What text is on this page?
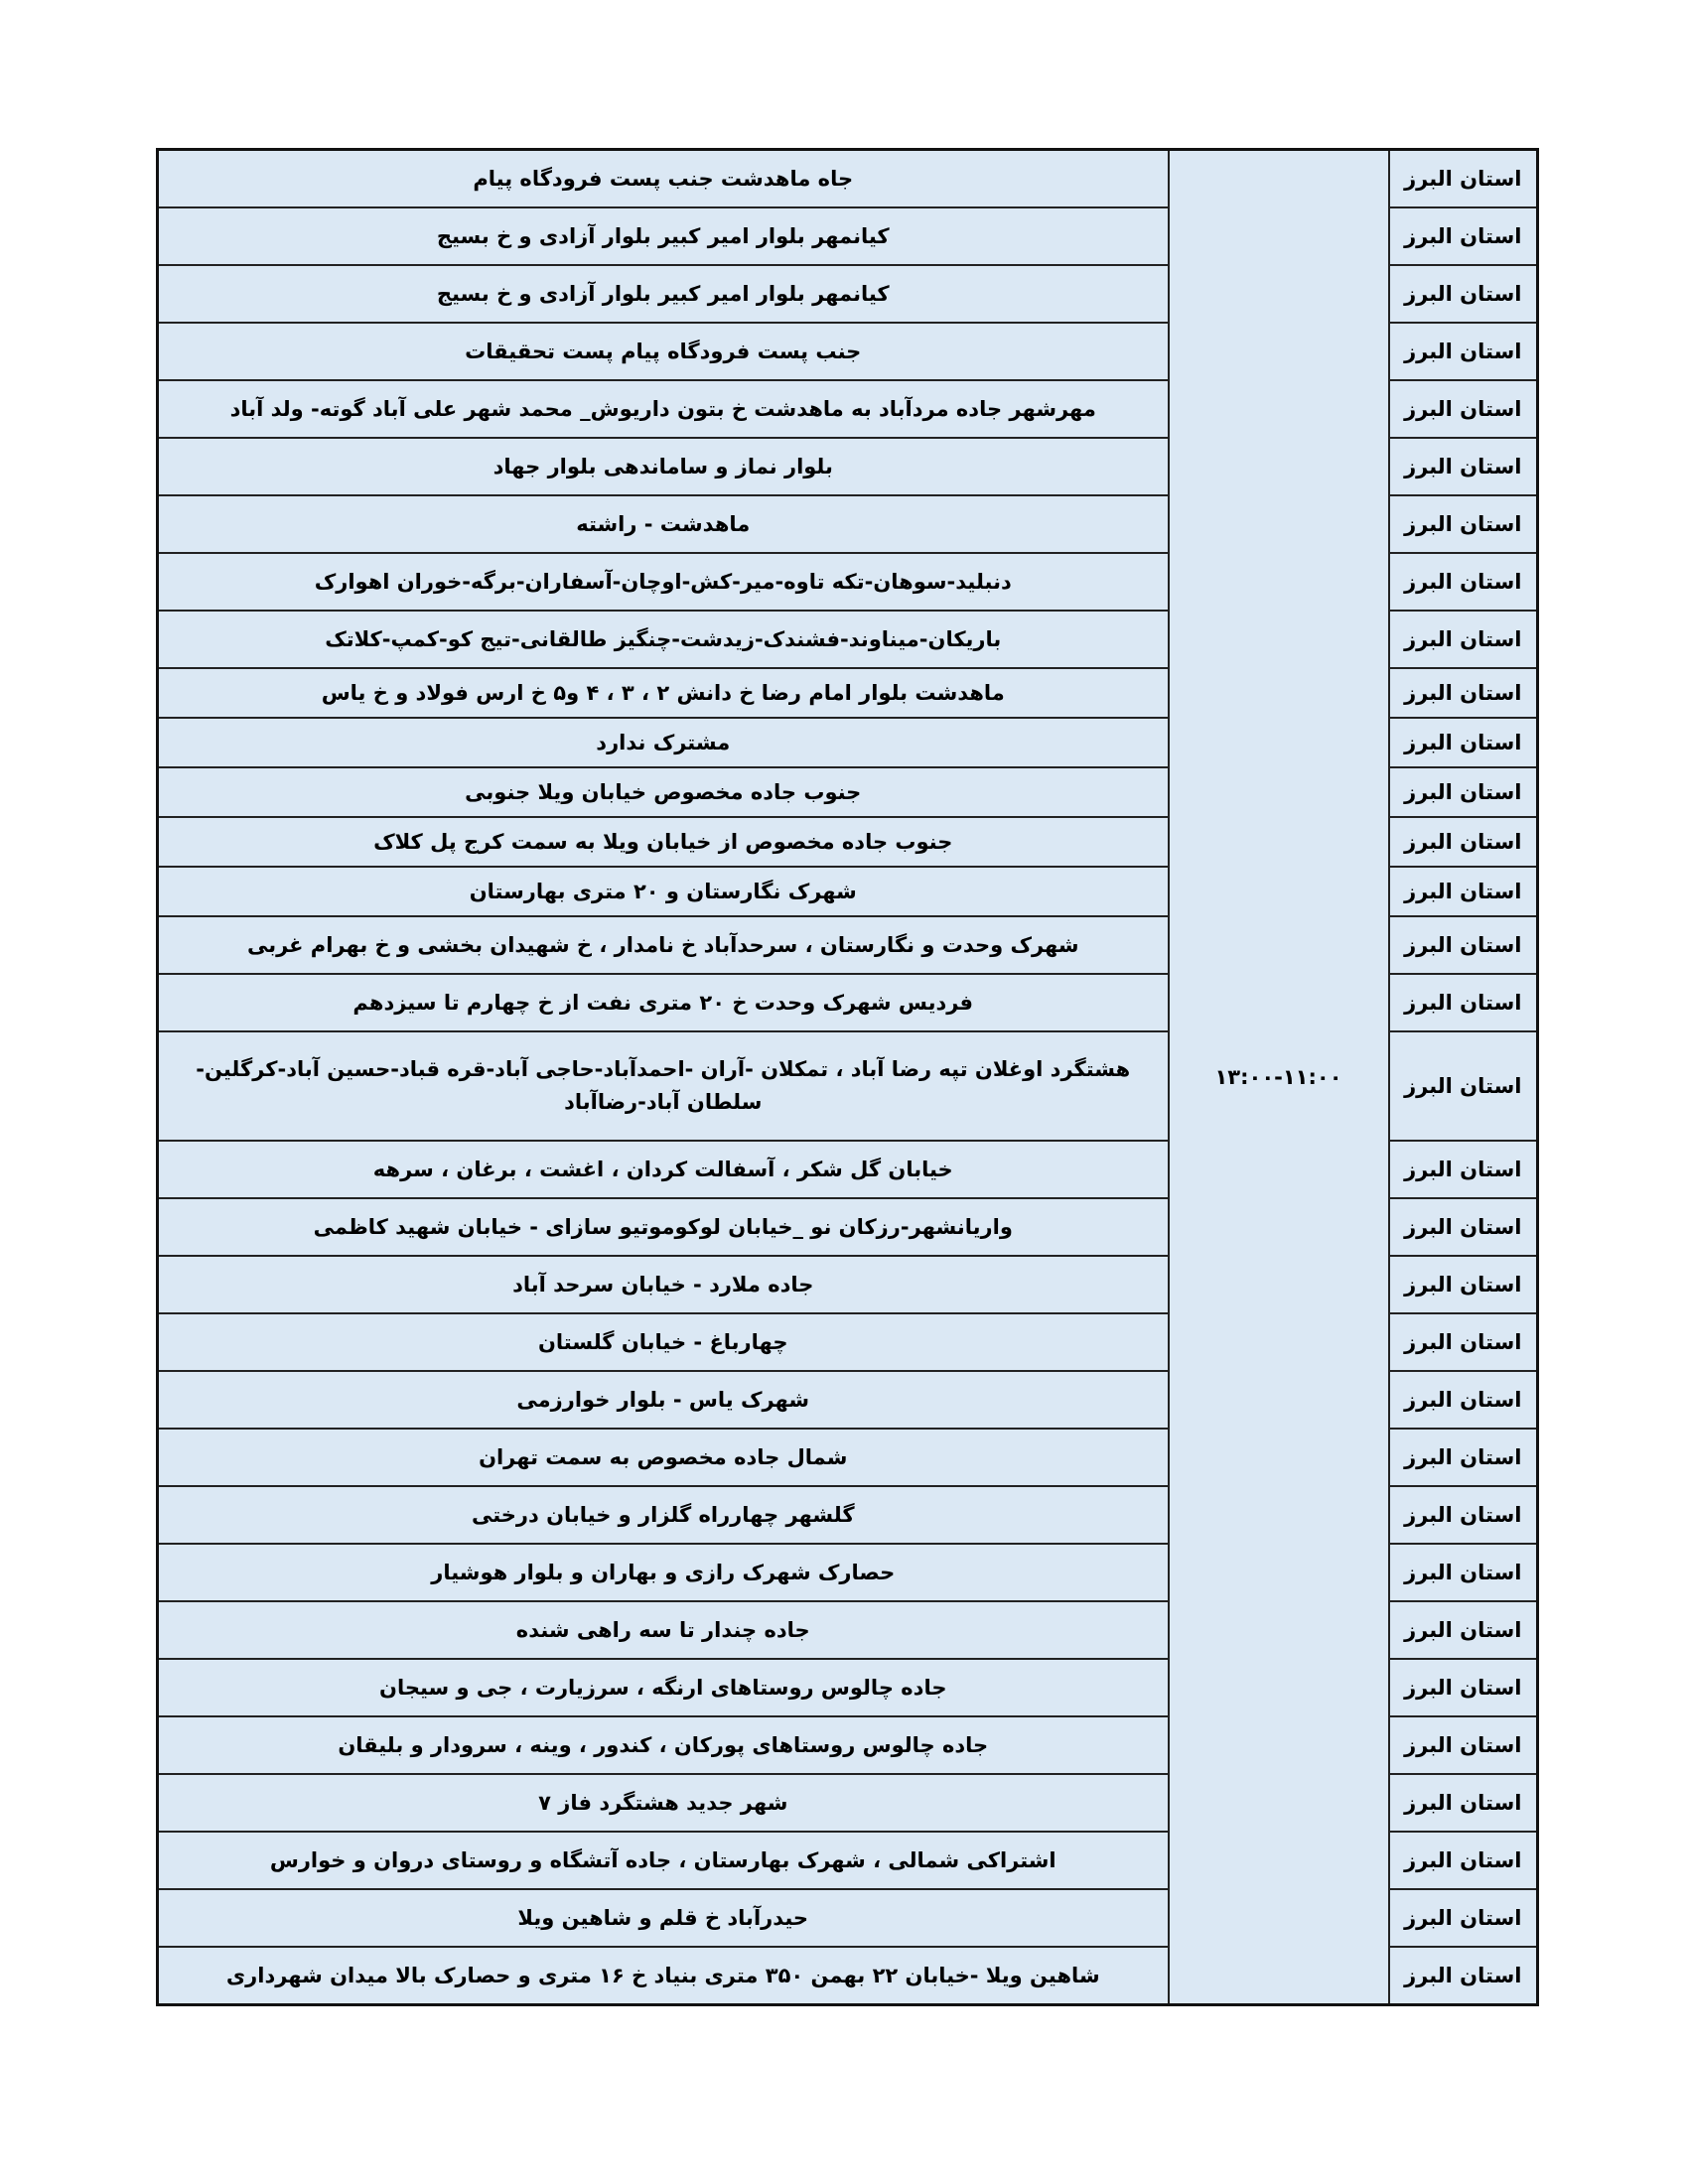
استان البرز	۱۳:۰۰-۱۱:۰۰	جاه ماهدشت جنب پست فرودگاه پیام
استان البرز		کیانمهر بلوار امیر کبیر بلوار آزادی و خ بسیج
استان البرز		کیانمهر بلوار امیر کبیر بلوار آزادی و خ بسیج
استان البرز		جنب پست فرودگاه پیام پست تحقیقات
استان البرز		مهرشهر جاده مردآباد به ماهدشت خ بتون داریوش_ محمد شهر علی آباد گوته- ولد آباد
استان البرز		بلوار نماز و ساماندهی بلوار جهاد
استان البرز		ماهدشت - راشته
استان البرز		دنبلید-سوهان-تکه تاوه-میر-کش-اوچان-آسفاران-برگه-خوران اهوارک
استان البرز		باریکان-میناوند-فشندک-زیدشت-چنگیز طالقانی-تیج کو-کمپ-کلاتک
استان البرز		ماهدشت بلوار امام رضا خ دانش ۲ ، ۳ ، ۴ و۵ خ ارس فولاد و خ یاس
استان البرز		مشترک ندارد
استان البرز		جنوب جاده مخصوص خیابان ویلا جنوبی
استان البرز		جنوب جاده مخصوص از خیابان ویلا به سمت کرج پل کلاک
استان البرز		شهرک نگارستان و ۲۰ متری بهارستان
استان البرز		شهرک وحدت و نگارستان ، سرحدآباد خ نامدار ، خ شهیدان بخشی و خ بهرام غربی
استان البرز		فردیس شهرک وحدت خ ۲۰ متری نفت از خ چهارم تا سیزدهم
استان البرز		هشتگرد اوغلان تپه رضا آباد ، تمکلان -آران -احمدآباد-حاجی آباد-قره قباد-حسین آباد-کرگلین-سلطان آباد-رضاآباد
استان البرز		خیابان گل شکر ، آسفالت کردان ، اغشت ، برغان ، سرهه
استان البرز		واریانشهر-رزکان نو _خیابان لوکوموتیو سازای - خیابان شهید کاظمی
استان البرز		جاده ملارد - خیابان سرحد آباد
استان البرز		چهارباغ - خیابان گلستان
استان البرز		شهرک یاس - بلوار خوارزمی
استان البرز		شمال جاده مخصوص به سمت تهران
استان البرز		گلشهر چهارراه گلزار و خیابان درختی
استان البرز		حصارک شهرک رازی و بهاران و بلوار هوشیار
استان البرز		جاده چندار تا سه راهی شنده
استان البرز		جاده چالوس روستاهای ارنگه ، سرزیارت ، جی و سیجان
استان البرز		جاده چالوس روستاهای پورکان ، کندور ، وینه ، سرودار و بلیقان
استان البرز		شهر جدید هشتگرد فاز ۷
استان البرز		اشتراکی شمالی ، شهرک بهارستان ، جاده آتشگاه و روستای دروان و خوارس
استان البرز		حیدرآباد خ قلم و شاهین ویلا
استان البرز		شاهین ویلا -خیابان ۲۲ بهمن ۳۵۰ متری بنیاد خ ۱۶ متری و حصارک بالا میدان شهرداری
